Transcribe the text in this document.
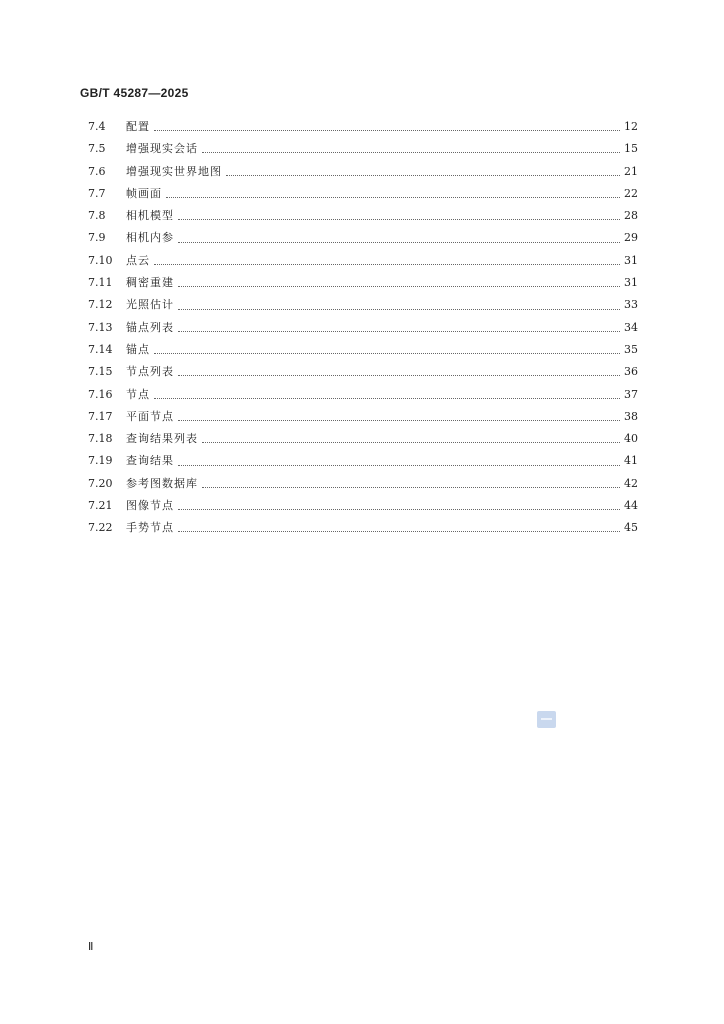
GB/T 45287—2025
7.4	配置	12
7.5	增强现实会话	15
7.6	增强现实世界地图	21
7.7	帧画面	22
7.8	相机模型	28
7.9	相机内参	29
7.10 点云	31
7.11 稠密重建	31
7.12 光照估计	33
7.13 锚点列表	34
7.14 锚点	35
7.15 节点列表	36
7.16 节点	37
7.17 平面节点	38
7.18 查询结果列表	40
7.19 查询结果	41
7.20 参考图数据库	42
7.21 图像节点	44
7.22 手势节点	45
Ⅱ
